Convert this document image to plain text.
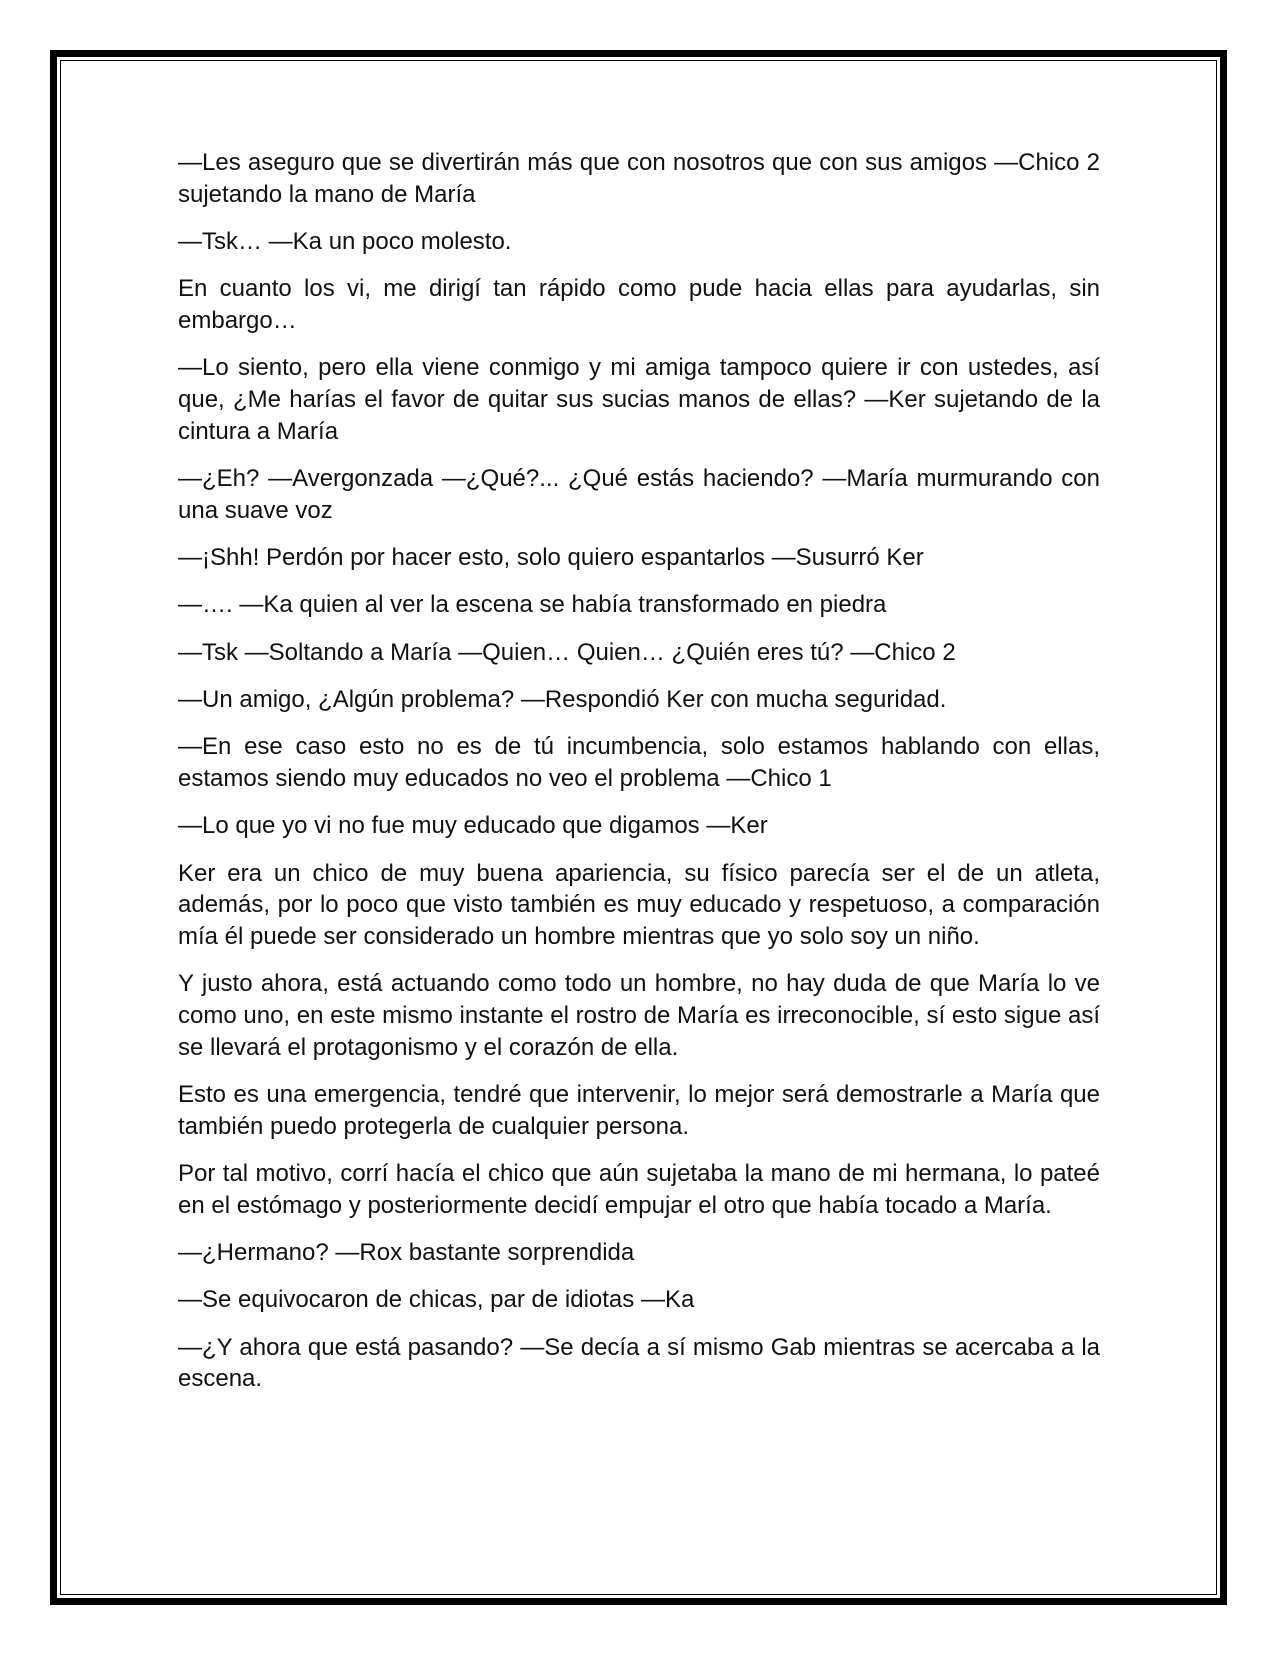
—Les aseguro que se divertirán más que con nosotros que con sus amigos —Chico 2 sujetando la mano de María

—Tsk… —Ka un poco molesto.

En cuanto los vi, me dirigí tan rápido como pude hacia ellas para ayudarlas, sin embargo…

—Lo siento, pero ella viene conmigo y mi amiga tampoco quiere ir con ustedes, así que, ¿Me harías el favor de quitar sus sucias manos de ellas? —Ker sujetando de la cintura a María

—¿Eh? —Avergonzada —¿Qué?... ¿Qué estás haciendo? —María murmurando con una suave voz

—¡Shh! Perdón por hacer esto, solo quiero espantarlos —Susurró Ker

—…. —Ka quien al ver la escena se había transformado en piedra

—Tsk —Soltando a María —Quien… Quien… ¿Quién eres tú? —Chico 2

—Un amigo, ¿Algún problema? —Respondió Ker con mucha seguridad.

—En ese caso esto no es de tú incumbencia, solo estamos hablando con ellas, estamos siendo muy educados no veo el problema —Chico 1

—Lo que yo vi no fue muy educado que digamos —Ker

Ker era un chico de muy buena apariencia, su físico parecía ser el de un atleta, además, por lo poco que visto también es muy educado y respetuoso, a comparación mía él puede ser considerado un hombre mientras que yo solo soy un niño.

Y justo ahora, está actuando como todo un hombre, no hay duda de que María lo ve como uno, en este mismo instante el rostro de María es irreconocible, sí esto sigue así se llevará el protagonismo y el corazón de ella.

Esto es una emergencia, tendré que intervenir, lo mejor será demostrarle a María que también puedo protegerla de cualquier persona.

Por tal motivo, corrí hacía el chico que aún sujetaba la mano de mi hermana, lo pateé en el estómago y posteriormente decidí empujar el otro que había tocado a María.

—¿Hermano? —Rox bastante sorprendida

—Se equivocaron de chicas, par de idiotas —Ka

—¿Y ahora que está pasando? —Se decía a sí mismo Gab mientras se acercaba a la escena.
